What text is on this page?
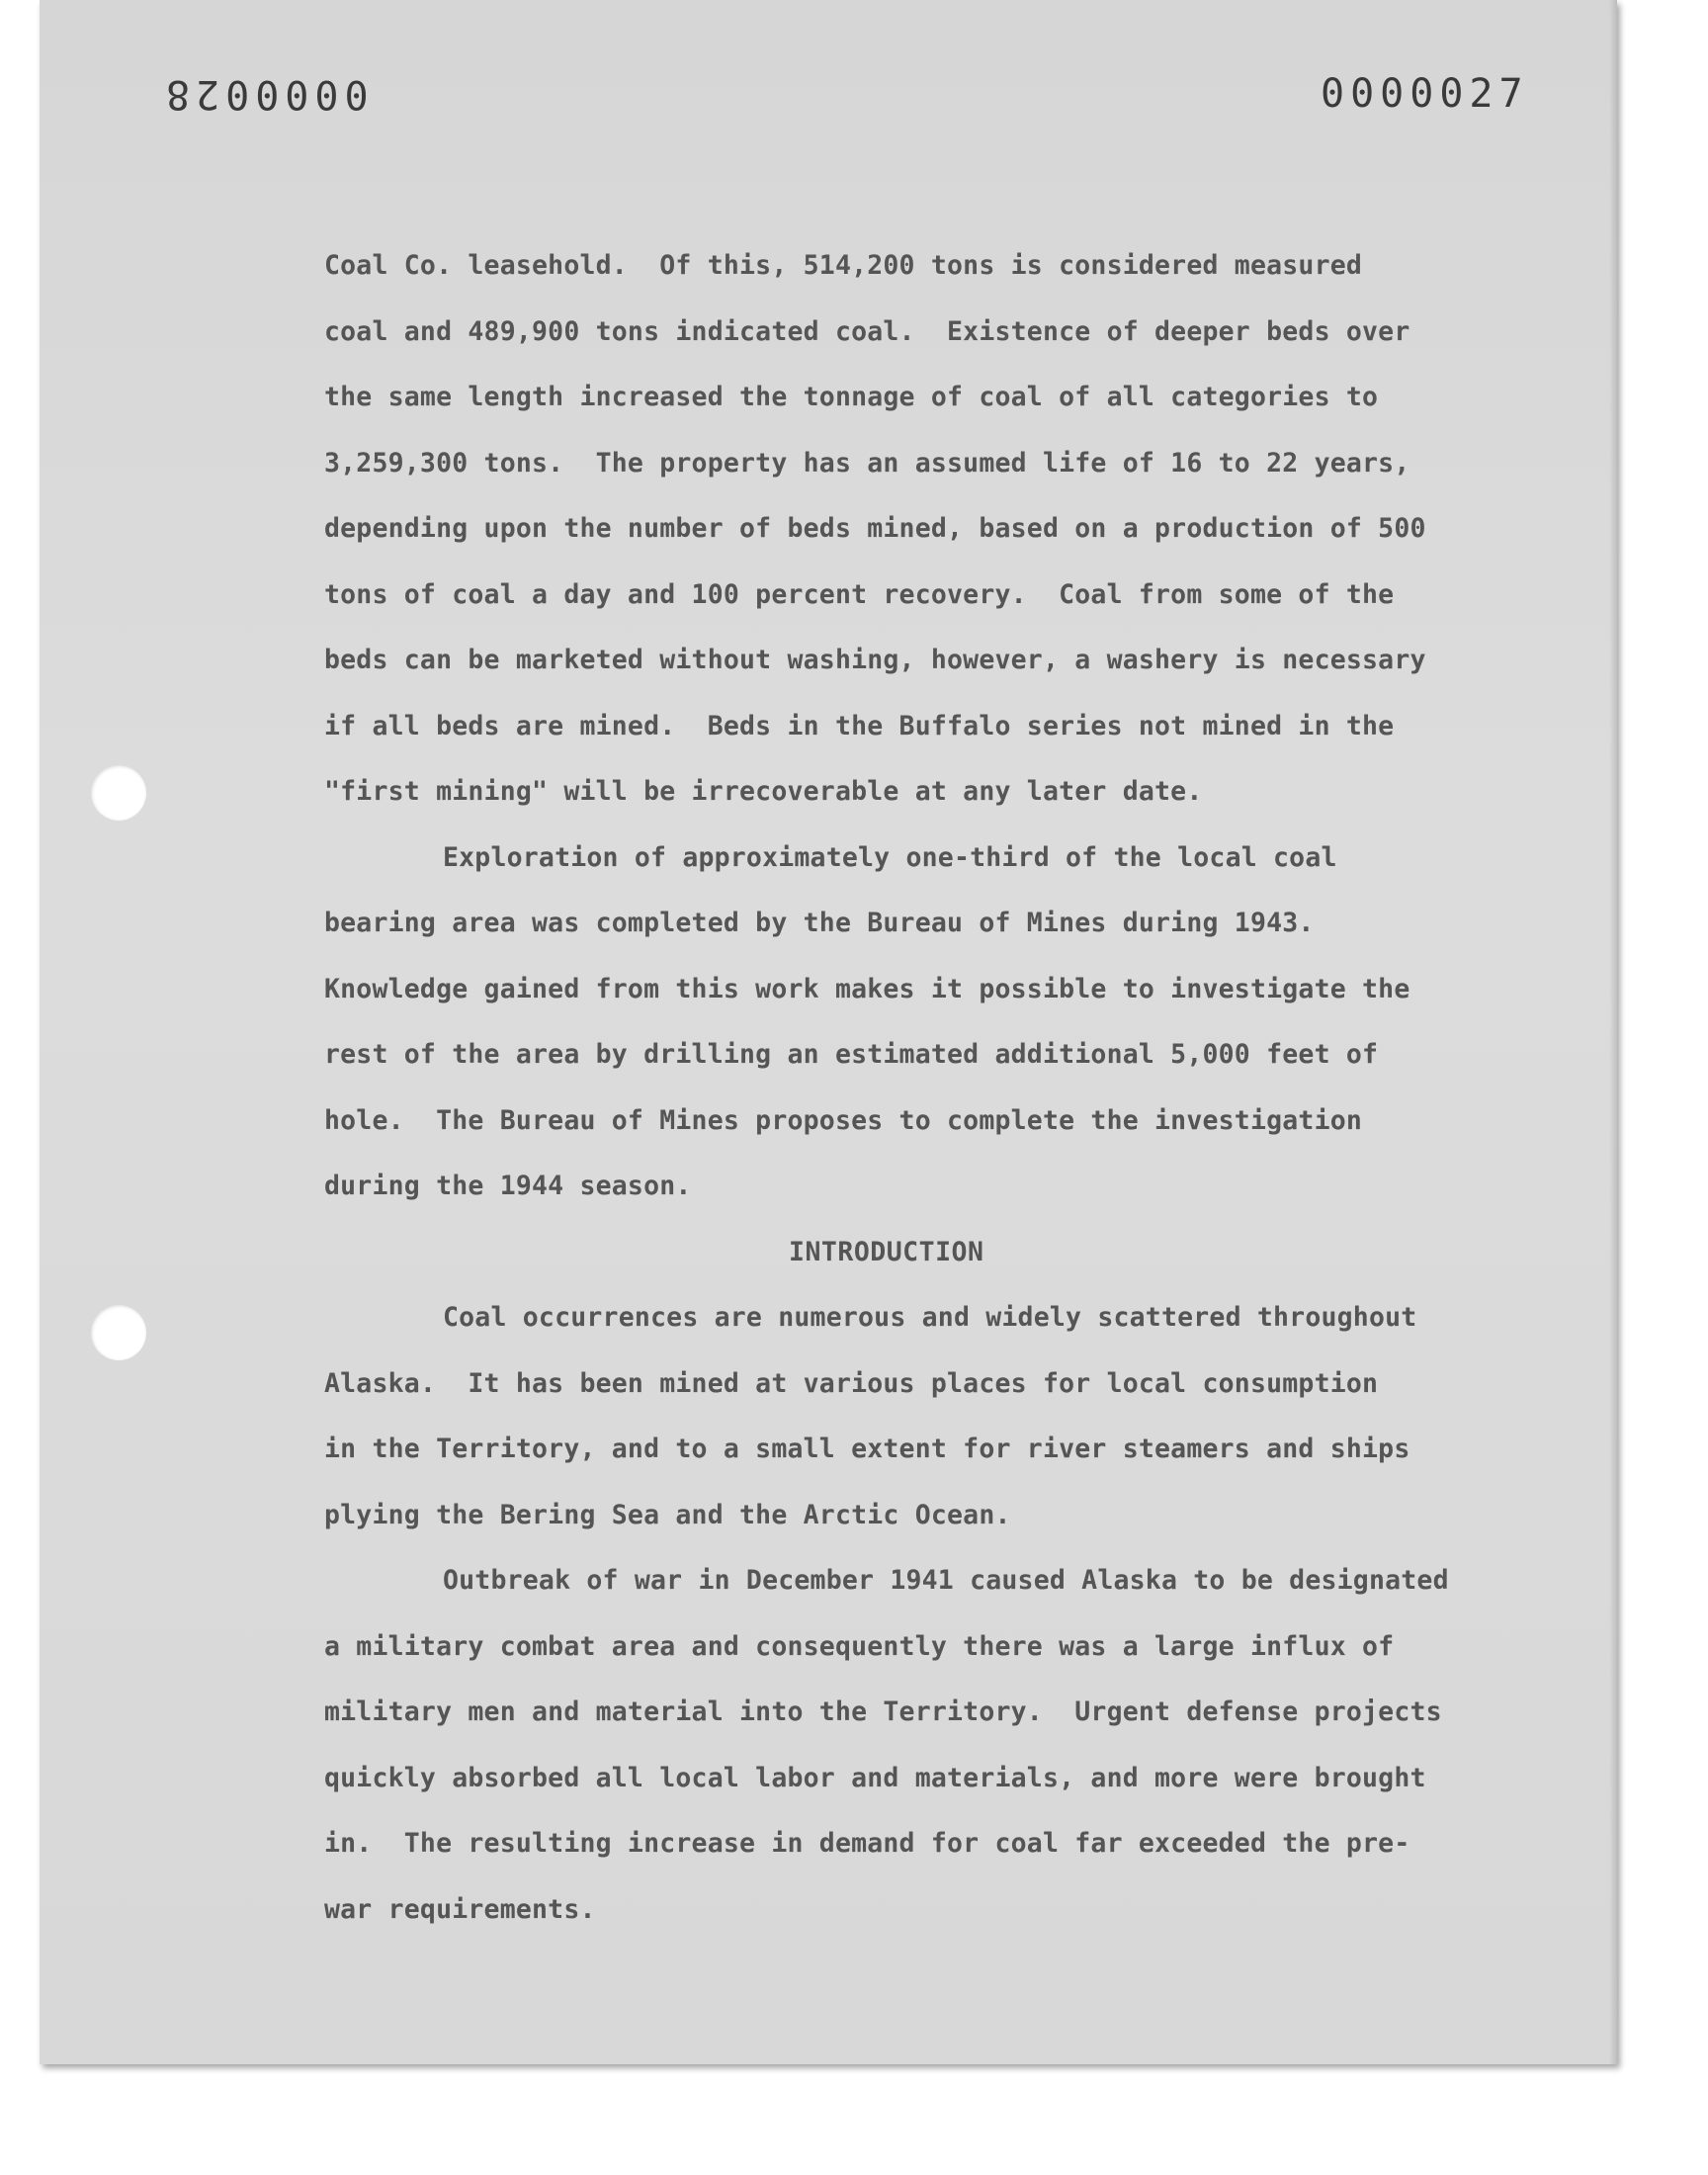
0000028	0000027
Coal Co. leasehold.  Of this, 514,200 tons is considered measured
coal and 489,900 tons indicated coal.  Existence of deeper beds over
the same length increased the tonnage of coal of all categories to
3,259,300 tons.  The property has an assumed life of 16 to 22 years,
depending upon the number of beds mined, based on a production of 500
tons of coal a day and 100 percent recovery.  Coal from some of the
beds can be marketed without washing, however, a washery is necessary
if all beds are mined.  Beds in the Buffalo series not mined in the
"first mining" will be irrecoverable at any later date.
Exploration of approximately one-third of the local coal
bearing area was completed by the Bureau of Mines during 1943.
Knowledge gained from this work makes it possible to investigate the
rest of the area by drilling an estimated additional 5,000 feet of
hole.  The Bureau of Mines proposes to complete the investigation
during the 1944 season.
INTRODUCTION
Coal occurrences are numerous and widely scattered throughout
Alaska.  It has been mined at various places for local consumption
in the Territory, and to a small extent for river steamers and ships
plying the Bering Sea and the Arctic Ocean.
Outbreak of war in December 1941 caused Alaska to be designated
a military combat area and consequently there was a large influx of
military men and material into the Territory.  Urgent defense projects
quickly absorbed all local labor and materials, and more were brought
in.  The resulting increase in demand for coal far exceeded the pre-
war requirements.
